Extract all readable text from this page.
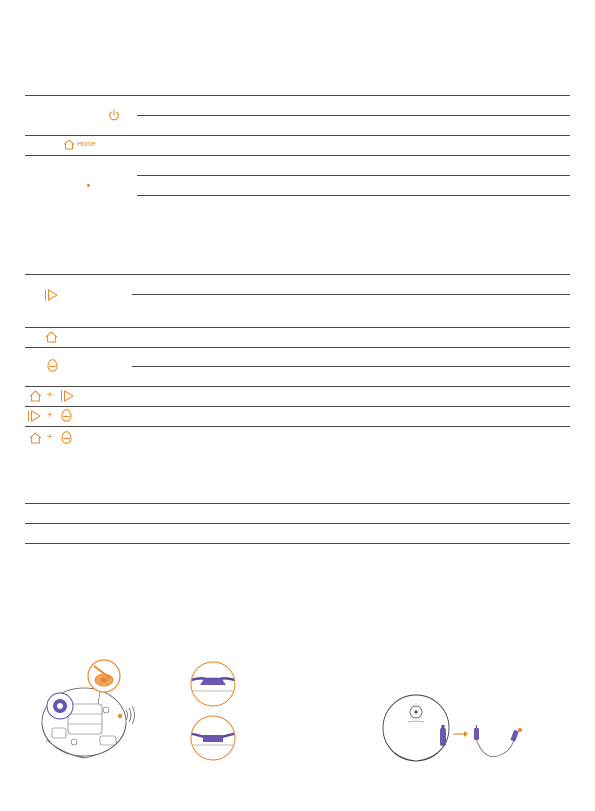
Home
+
+
+
